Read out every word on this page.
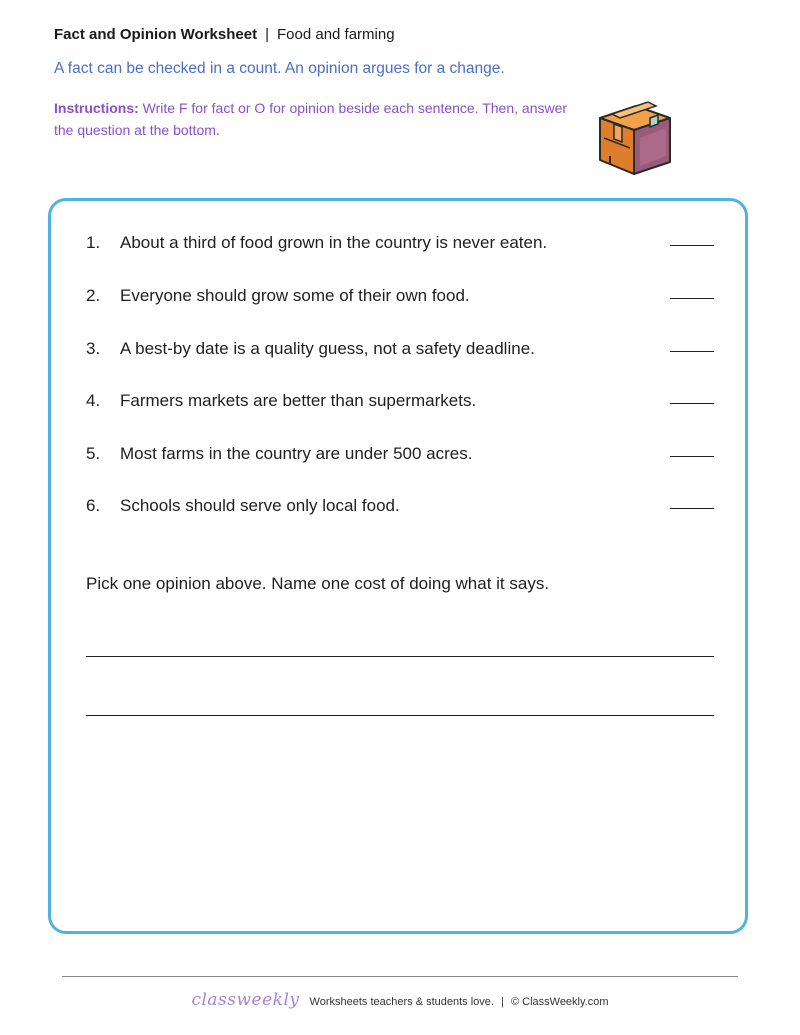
Fact and Opinion Worksheet | Food and farming
A fact can be checked in a count. An opinion argues for a change.
Instructions: Write F for fact or O for opinion beside each sentence. Then, answer the question at the bottom.
1. About a third of food grown in the country is never eaten.
2. Everyone should grow some of their own food.
3. A best-by date is a quality guess, not a safety deadline.
4. Farmers markets are better than supermarkets.
5. Most farms in the country are under 500 acres.
6. Schools should serve only local food.
Pick one opinion above. Name one cost of doing what it says.
classweekly Worksheets teachers & students love. | © ClassWeekly.com
